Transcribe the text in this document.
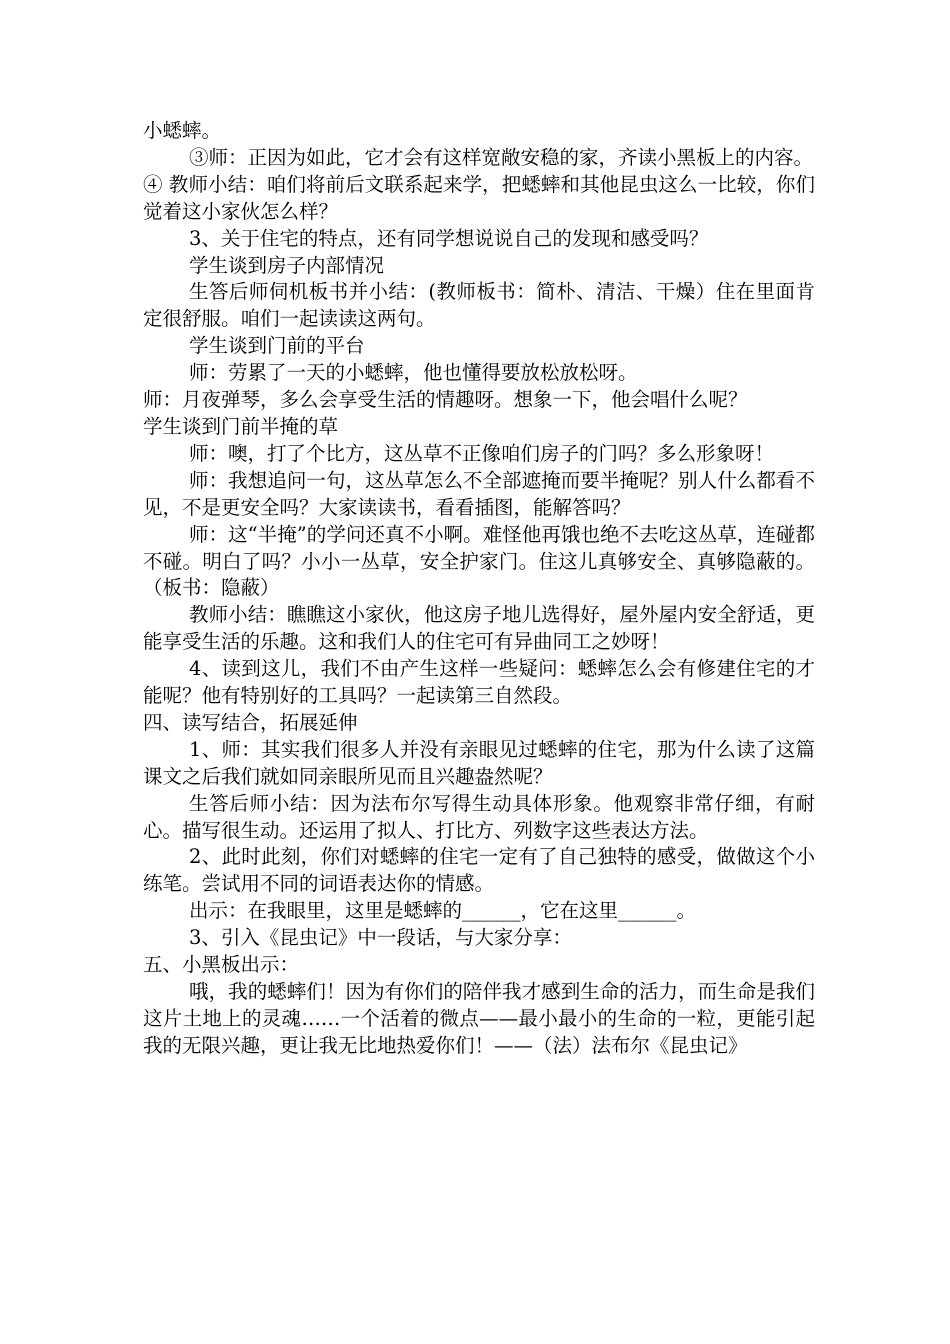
小蟋蟀。

③师：正因为如此，它才会有这样宽敞安稳的家，齐读小黑板上的内容。

④ 教师小结：咱们将前后文联系起来学，把蟋蟀和其他昆虫这么一比较，你们觉着这小家伙怎么样？

3、关于住宅的特点，还有同学想说说自己的发现和感受吗？

学生谈到房子内部情况

生答后师伺机板书并小结：(教师板书：简朴、清洁、干燥）住在里面肯定很舒服。咱们一起读读这两句。

学生谈到门前的平台

师：劳累了一天的小蟋蟀，他也懂得要放松放松呀。

师：月夜弹琴，多么会享受生活的情趣呀。想象一下，他会唱什么呢？

学生谈到门前半掩的草

师：噢，打了个比方，这丛草不正像咱们房子的门吗？多么形象呀！

师：我想追问一句，这丛草怎么不全部遮掩而要半掩呢？别人什么都看不见，不是更安全吗？大家读读书，看看插图，能解答吗？

师：这“半掩”的学问还真不小啊。难怪他再饿也绝不去吃这丛草，连碰都不碰。明白了吗？小小一丛草，安全护家门。住这儿真够安全、真够隐蔽的。（板书：隐蔽）

教师小结：瞧瞧这小家伙，他这房子地儿选得好，屋外屋内安全舒适，更能享受生活的乐趣。这和我们人的住宅可有异曲同工之妙呀！

4、读到这儿，我们不由产生这样一些疑问：蟋蟀怎么会有修建住宅的才能呢？他有特别好的工具吗？一起读第三自然段。

四、读写结合，拓展延伸

1、师：其实我们很多人并没有亲眼见过蟋蟀的住宅，那为什么读了这篇课文之后我们就如同亲眼所见而且兴趣盎然呢？

生答后师小结：因为法布尔写得生动具体形象。他观察非常仔细，有耐心。描写很生动。还运用了拟人、打比方、列数字这些表达方法。

2、此时此刻，你们对蟋蟀的住宅一定有了自己独特的感受，做做这个小练笔。尝试用不同的词语表达你的情感。

出示：在我眼里，这里是蟋蟀的______，它在这里______。

3、引入《昆虫记》中一段话，与大家分享：

五、小黑板出示：

哦，我的蟋蟀们！因为有你们的陪伴我才感到生命的活力，而生命是我们这片土地上的灵魂……一个活着的微点——最小最小的生命的一粒，更能引起我的无限兴趣，更让我无比地热爱你们！——（法）法布尔《昆虫记》
